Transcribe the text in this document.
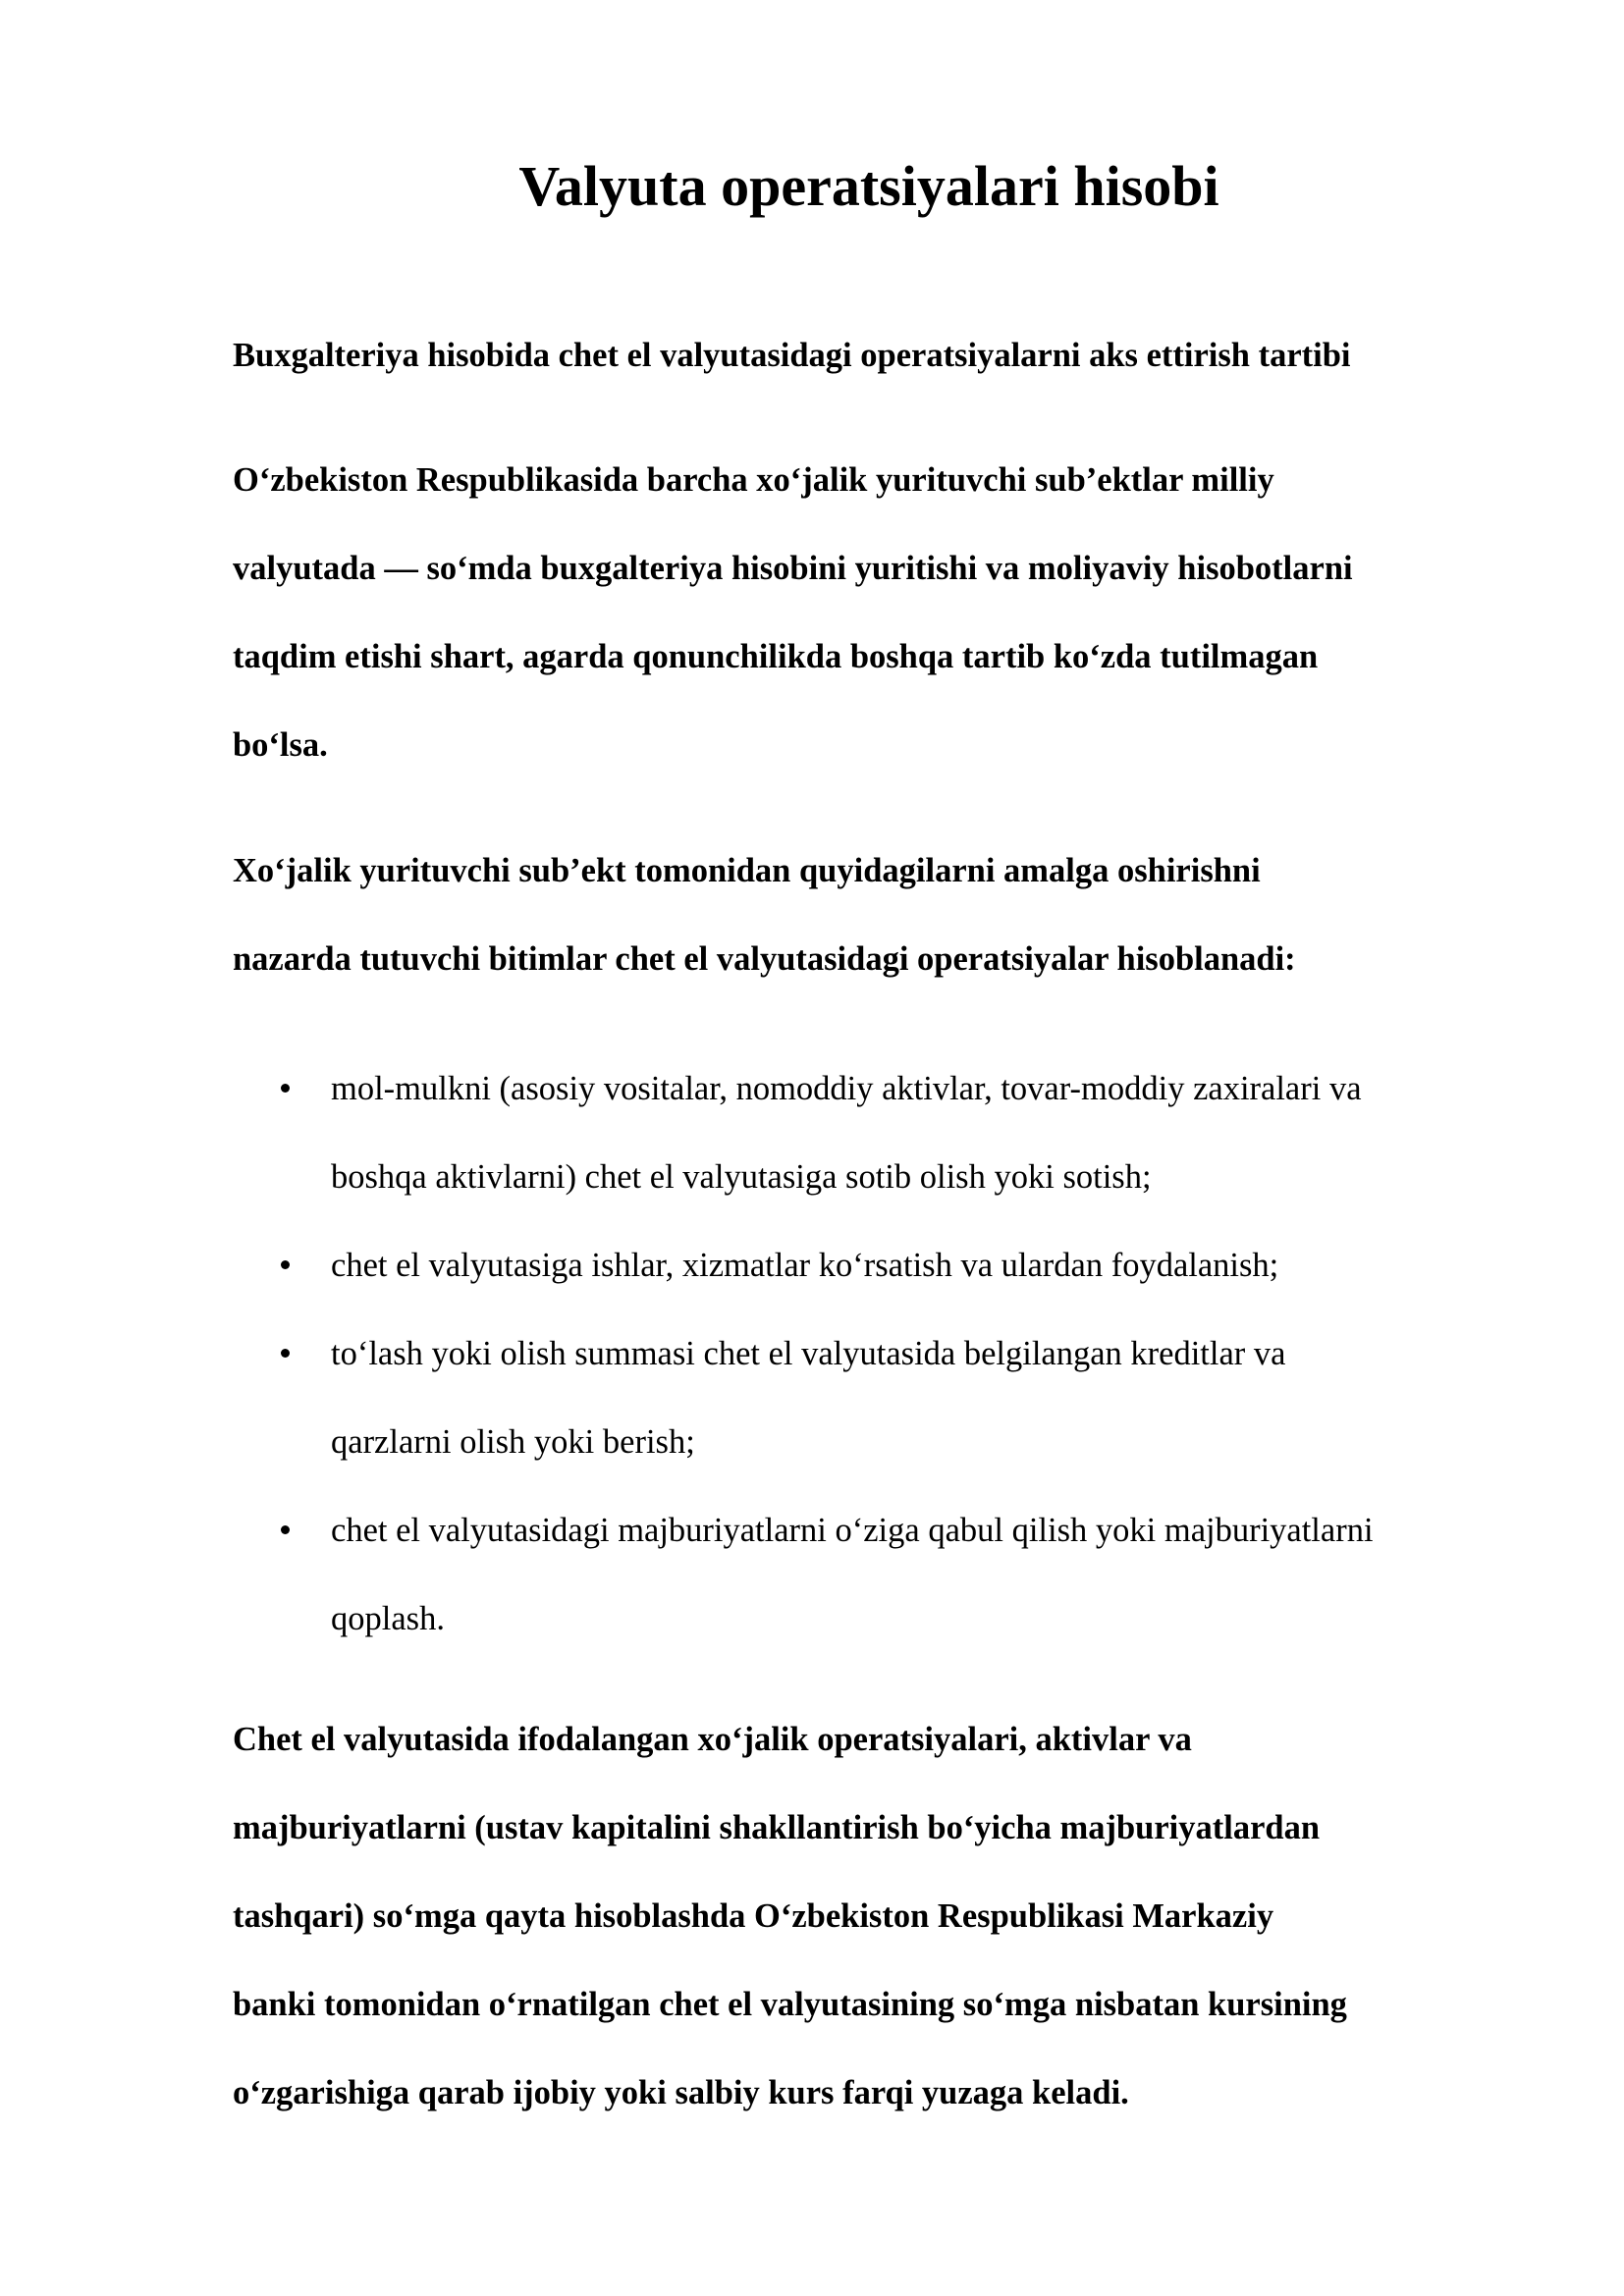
Valyuta operatsiyalari hisobi

Buxgalteriya hisobida chet el valyutasidagi operatsiyalarni aks ettirish tartibi

O‘zbekiston Respublikasida barcha xo‘jalik yurituvchi sub’ektlar milliy
valyutada — so‘mda buxgalteriya hisobini yuritishi va moliyaviy hisobotlarni
taqdim etishi shart, agarda qonunchilikda boshqa tartib ko‘zda tutilmagan
bo‘lsa.

Xo‘jalik yurituvchi sub’ekt tomonidan quyidagilarni amalga oshirishni
nazarda tutuvchi bitimlar chet el valyutasidagi operatsiyalar hisoblanadi:

mol-mulkni (asosiy vositalar, nomoddiy aktivlar, tovar-moddiy zaxiralari va
boshqa aktivlarni) chet el valyutasiga sotib olish yoki sotish;
chet el valyutasiga ishlar, xizmatlar ko‘rsatish va ulardan foydalanish;
to‘lash yoki olish summasi chet el valyutasida belgilangan kreditlar va
qarzlarni olish yoki berish;
chet el valyutasidagi majburiyatlarni o‘ziga qabul qilish yoki majburiyatlarni
qoplash.

Chet el valyutasida ifodalangan xo‘jalik operatsiyalari, aktivlar va
majburiyatlarni (ustav kapitalini shakllantirish bo‘yicha majburiyatlardan
tashqari) so‘mga qayta hisoblashda O‘zbekiston Respublikasi Markaziy
banki tomonidan o‘rnatilgan chet el valyutasining so‘mga nisbatan kursining
o‘zgarishiga qarab ijobiy yoki salbiy kurs farqi yuzaga keladi.
